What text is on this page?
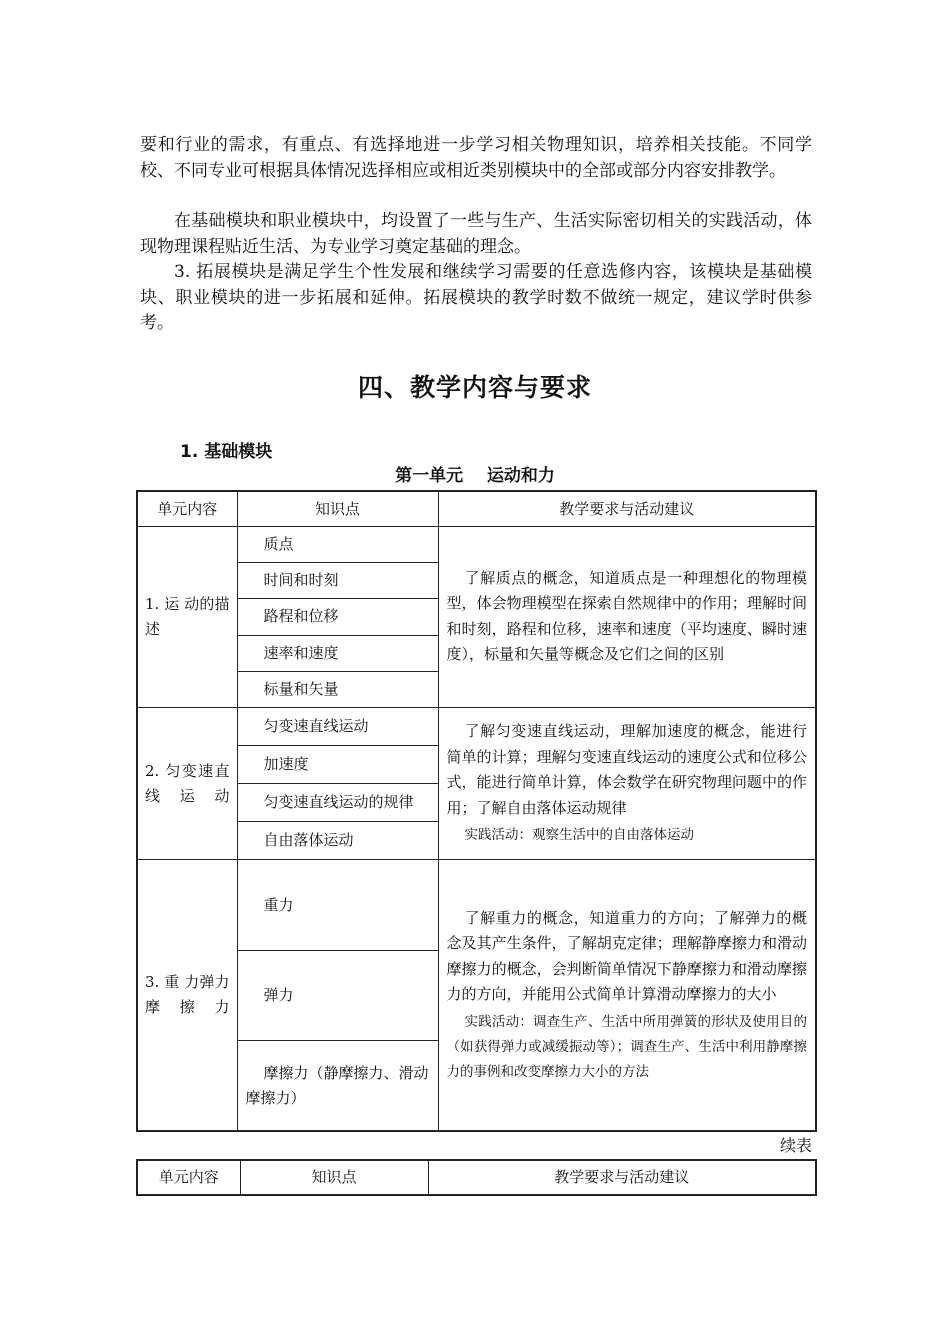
要和行业的需求，有重点、有选择地进一步学习相关物理知识，培养相关技能。不同学校、不同专业可根据具体情况选择相应或相近类别模块中的全部或部分内容安排教学。

在基础模块和职业模块中，均设置了一些与生产、生活实际密切相关的实践活动，体现物理课程贴近生活、为专业学习奠定基础的理念。

3. 拓展模块是满足学生个性发展和继续学习需要的任意选修内容，该模块是基础模块、职业模块的进一步拓展和延伸。拓展模块的教学时数不做统一规定，建议学时供参考。

四、教学内容与要求
1. 基础模块
第一单元    运动和力
单元内容	知识点	教学要求与活动建议
1. 运 动的描述	质点	了解质点的概念，知道质点是一种理想化的物理模型，体会物理模型在探索自然规律中的作用；理解时间和时刻，路程和位移，速率和速度（平均速度、瞬时速度），标量和矢量等概念及它们之间的区别

	时间和时刻	
	路程和位移	
	速率和速度	
	标量和矢量	
2. 匀变速直线运动	匀变速直线运动	了解匀变速直线运动，理解加速度的概念，能进行简单的计算；理解匀变速直线运动的速度公式和位移公式，能进行简单计算，体会数学在研究物理问题中的作用；了解自由落体运动规律

实践活动：观察生活中的自由落体运动

	加速度	
	匀变速直线运动的规律	
	自由落体运动	
3. 重 力弹力摩擦力	重力	了解重力的概念，知道重力的方向；了解弹力的概念及其产生条件，了解胡克定律；理解静摩擦力和滑动摩擦力的概念，会判断简单情况下静摩擦力和滑动摩擦力的方向，并能用公式简单计算滑动摩擦力的大小

实践活动：调查生产、生活中所用弹簧的形状及使用目的（如获得弹力或减缓振动等）；调查生产、生活中利用静摩擦力的事例和改变摩擦力大小的方法

	弹力	
	摩擦力（静摩擦力、滑动摩擦力）	
续表
单元内容	知识点	教学要求与活动建议
